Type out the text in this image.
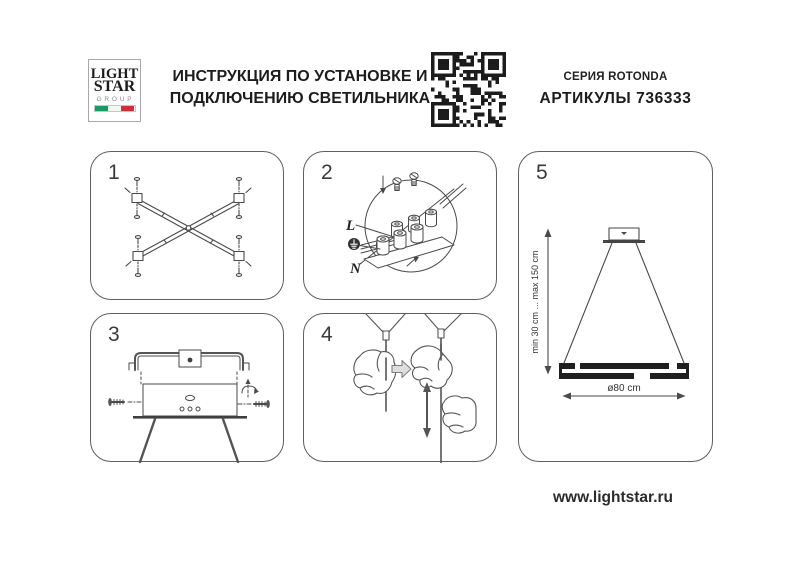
LIGHT
STAR
GROUP
ИНСТРУКЦИЯ ПО УСТАНОВКЕ И
ПОДКЛЮЧЕНИЮ СВЕТИЛЬНИКА
СЕРИЯ ROTONDA
АРТИКУЛЫ 736333
1	2
L
N
3	4
5
min 30 cm ... max 150 cm
ø80 cm
www.lightstar.ru
